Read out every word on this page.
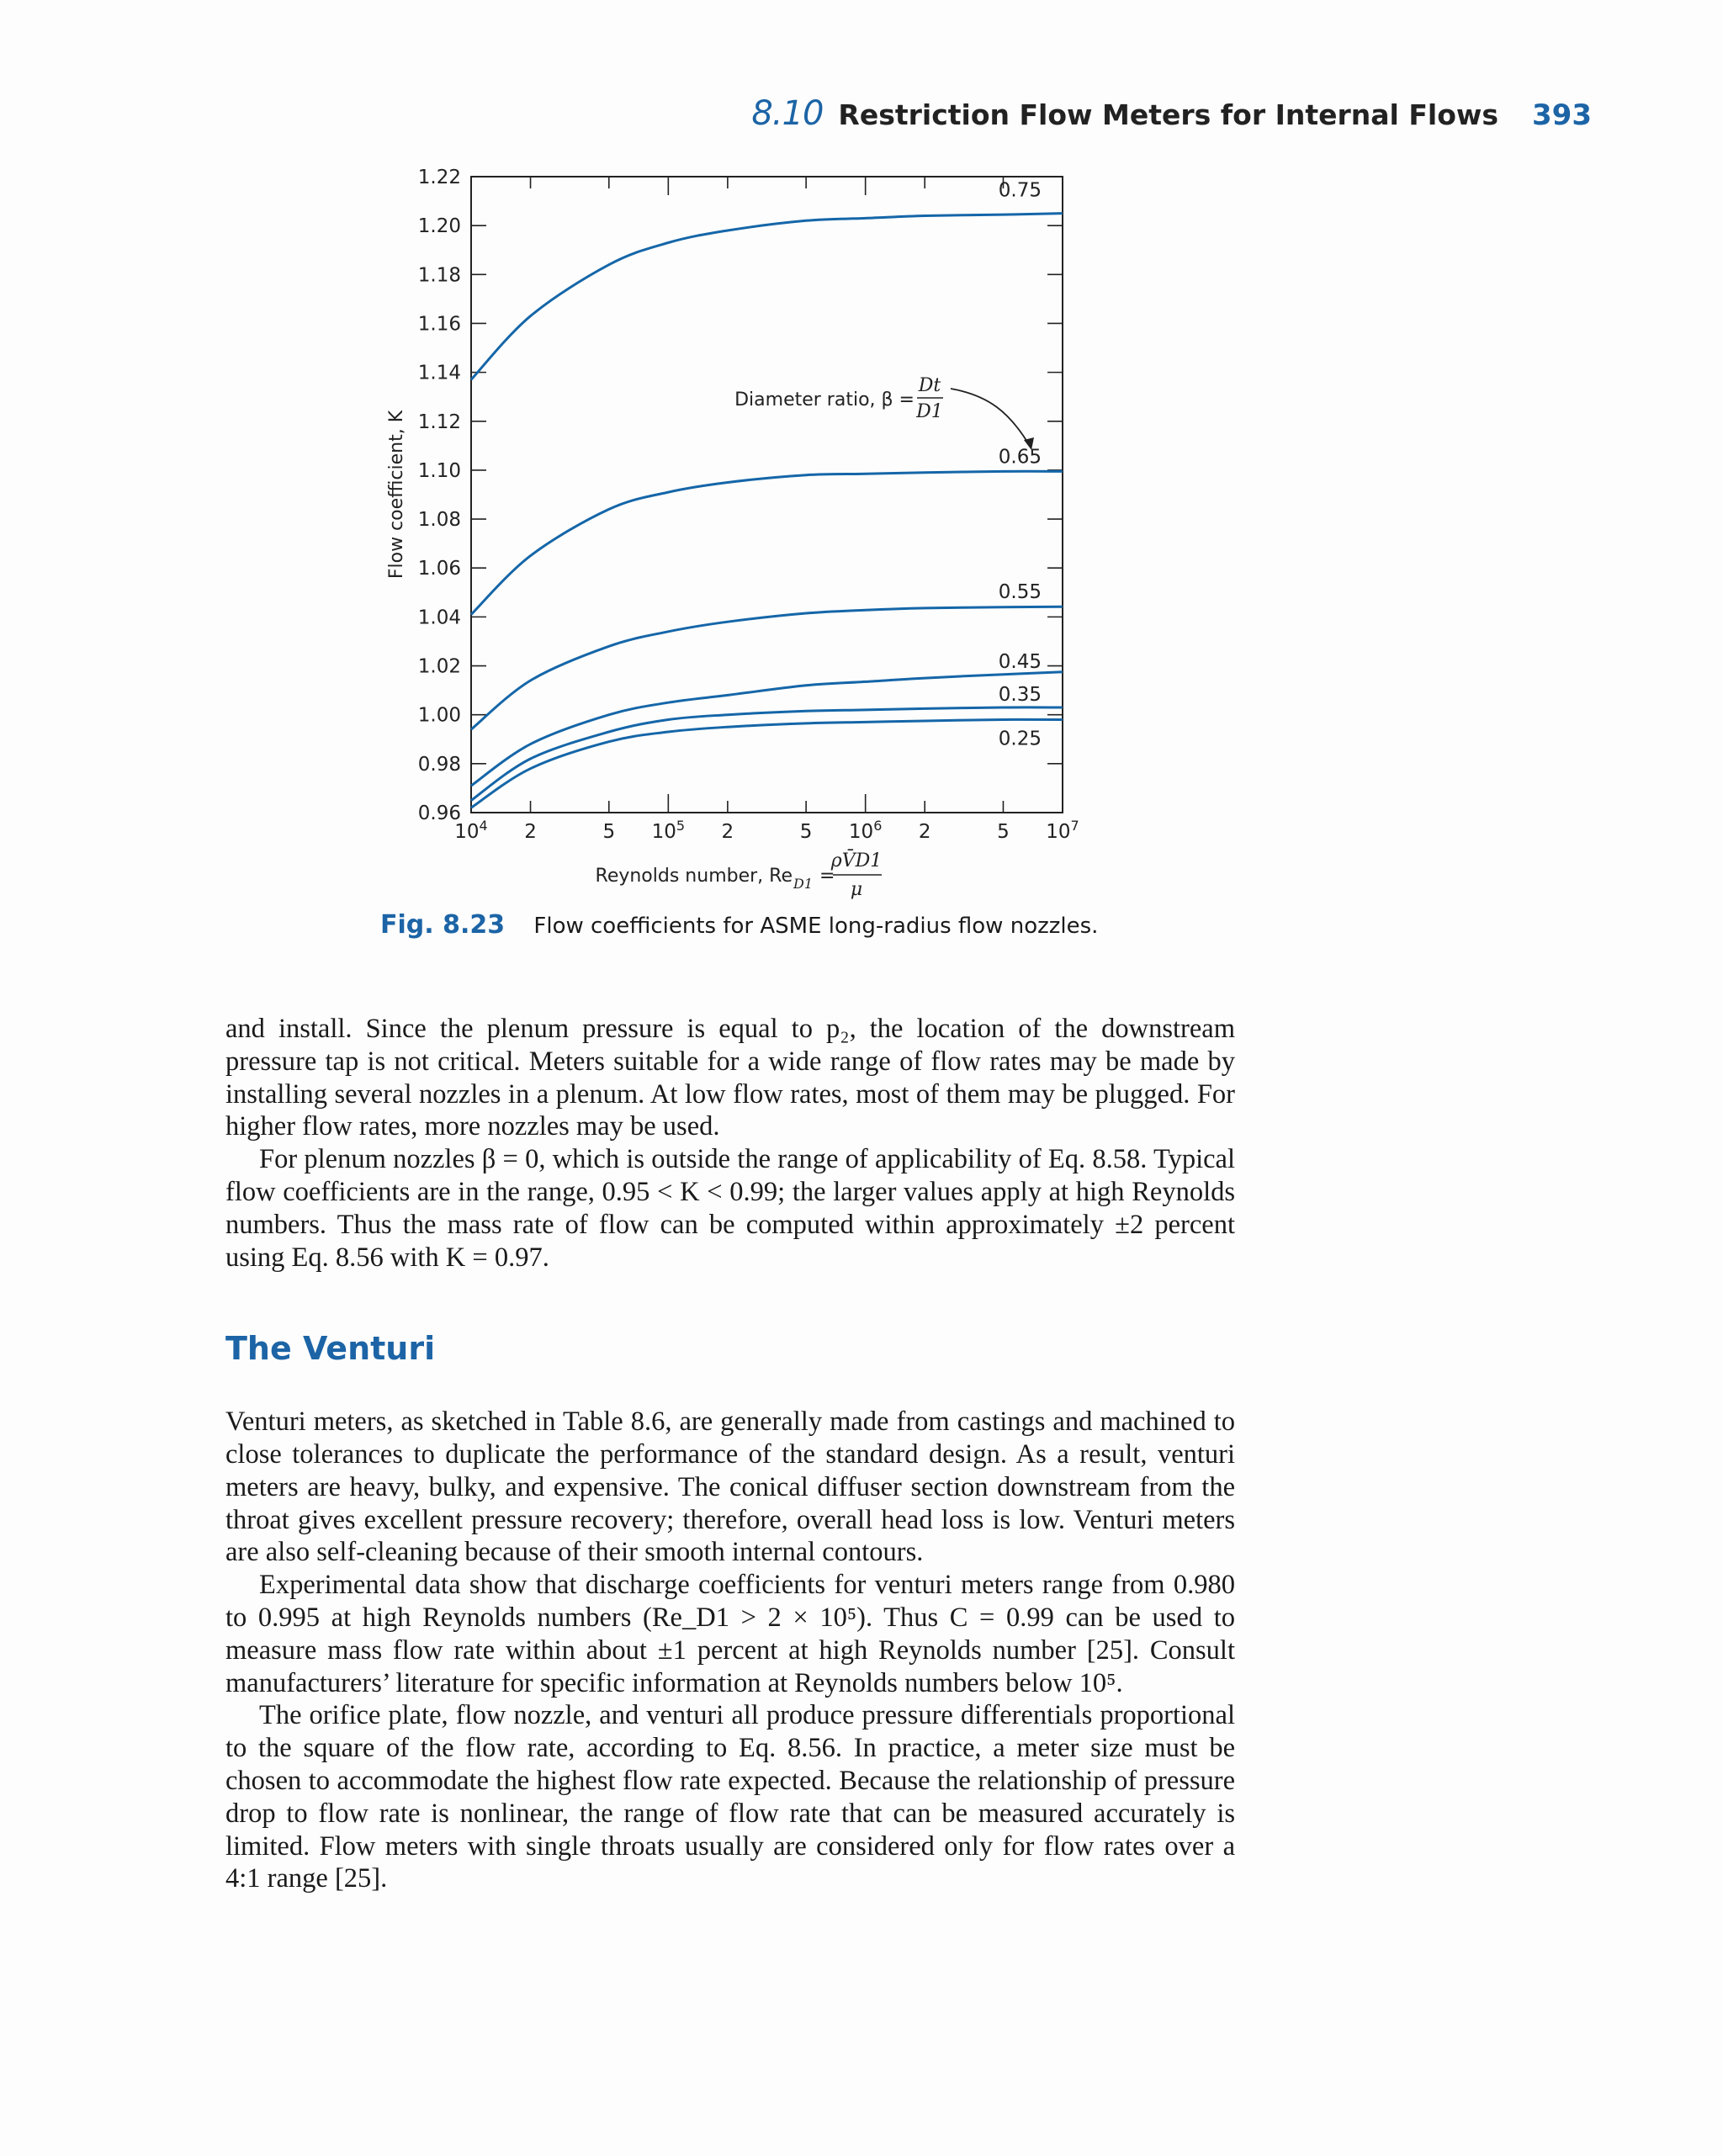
8.10 Restriction Flow Meters for Internal Flows 393
Flow coefficient, K
Reynolds number, Re D1 =
ρV̄D1
μ
0.96
0.98
1.00
1.02
1.04
1.06
1.08
1.10
1.12
1.14
1.16
1.18
1.20
1.22
$10^4$ 2	5 $10^5$ 2	5 $10^6$ 2	5 $10^7$
0.75
0.65
0.55
0.45
0.35
0.25
Diameter ratio, β =
Dt
D1
Fig. 8.23 Flow coefficients for ASME long-radius flow nozzles.

and install. Since the plenum pressure is equal to p₂, the location of the downstream pressure tap is not critical. Meters suitable for a wide range of flow rates may be made by installing several nozzles in a plenum. At low flow rates, most of them may be plugged. For higher flow rates, more nozzles may be used.

For plenum nozzles β = 0, which is outside the range of applicability of Eq. 8.58. Typical flow coefficients are in the range, 0.95 < K < 0.99; the larger values apply at high Reynolds numbers. Thus the mass rate of flow can be computed within approximately ±2 percent using Eq. 8.56 with K = 0.97.

The Venturi

Venturi meters, as sketched in Table 8.6, are generally made from castings and machined to close tolerances to duplicate the performance of the standard design. As a result, venturi meters are heavy, bulky, and expensive. The conical diffuser section downstream from the throat gives excellent pressure recovery; therefore, overall head loss is low. Venturi meters are also self-cleaning because of their smooth internal contours.

Experimental data show that discharge coefficients for venturi meters range from 0.980 to 0.995 at high Reynolds numbers (Re_D1 > 2 × 10⁵). Thus C = 0.99 can be used to measure mass flow rate within about ±1 percent at high Reynolds number [25]. Consult manufacturers’ literature for specific information at Reynolds numbers below 10⁵.

The orifice plate, flow nozzle, and venturi all produce pressure differentials proportional to the square of the flow rate, according to Eq. 8.56. In practice, a meter size must be chosen to accommodate the highest flow rate expected. Because the relationship of pressure drop to flow rate is nonlinear, the range of flow rate that can be measured accurately is limited. Flow meters with single throats usually are considered only for flow rates over a 4:1 range [25].
